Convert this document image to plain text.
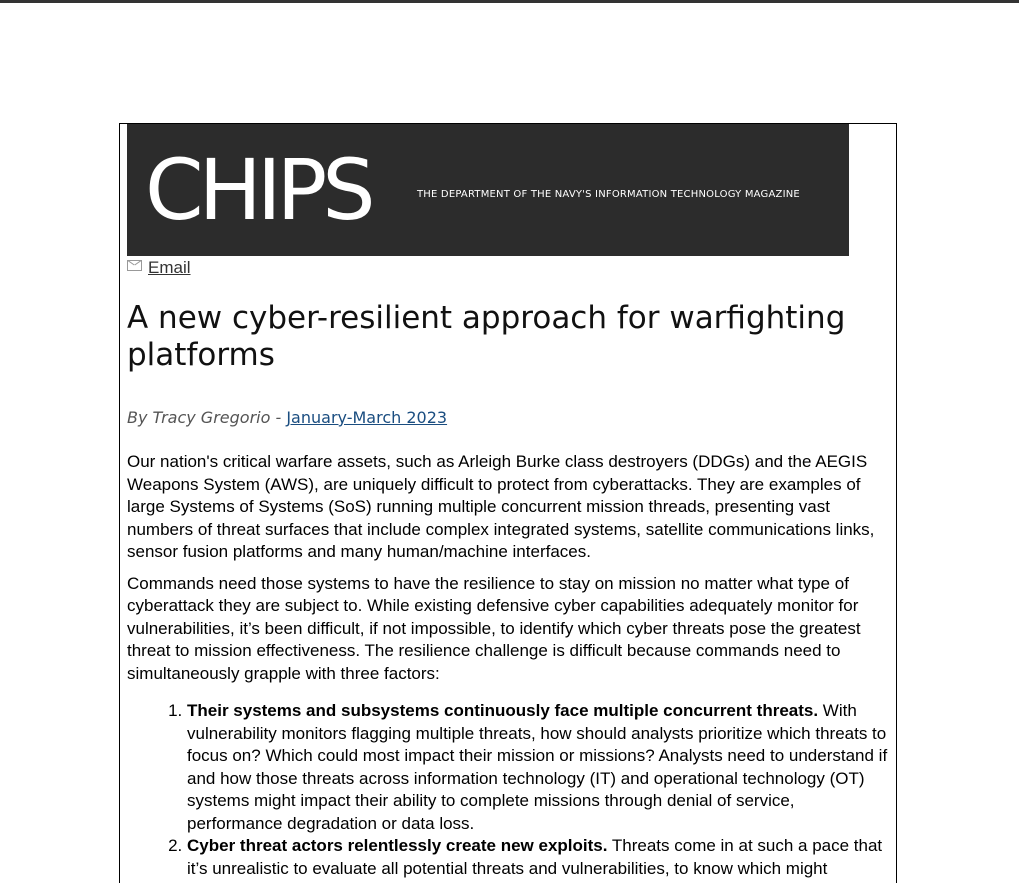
CHIPS	THE DEPARTMENT OF THE NAVY'S INFORMATION TECHNOLOGY MAGAZINE
Email
A new cyber-resilient approach for warfighting platforms
By Tracy Gregorio - January-March 2023

Our nation's critical warfare assets, such as Arleigh Burke class destroyers (DDGs) and the AEGIS Weapons System (AWS), are uniquely difficult to protect from cyberattacks. They are examples of large Systems of Systems (SoS) running multiple concurrent mission threads, presenting vast numbers of threat surfaces that include complex integrated systems, satellite communications links, sensor fusion platforms and many human/machine interfaces.

Commands need those systems to have the resilience to stay on mission no matter what type of cyberattack they are subject to. While existing defensive cyber capabilities adequately monitor for vulnerabilities, it’s been difficult, if not impossible, to identify which cyber threats pose the greatest threat to mission effectiveness. The resilience challenge is difficult because commands need to simultaneously grapple with three factors:

1. Their systems and subsystems continuously face multiple concurrent threats. With vulnerability monitors flagging multiple threats, how should analysts prioritize which threats to focus on? Which could most impact their mission or missions? Analysts need to understand if and how those threats across information technology (IT) and operational technology (OT) systems might impact their ability to complete missions through denial of service, performance degradation or data loss.
2. Cyber threat actors relentlessly create new exploits. Threats come in at such a pace that it’s unrealistic to evaluate all potential threats and vulnerabilities, to know which might
